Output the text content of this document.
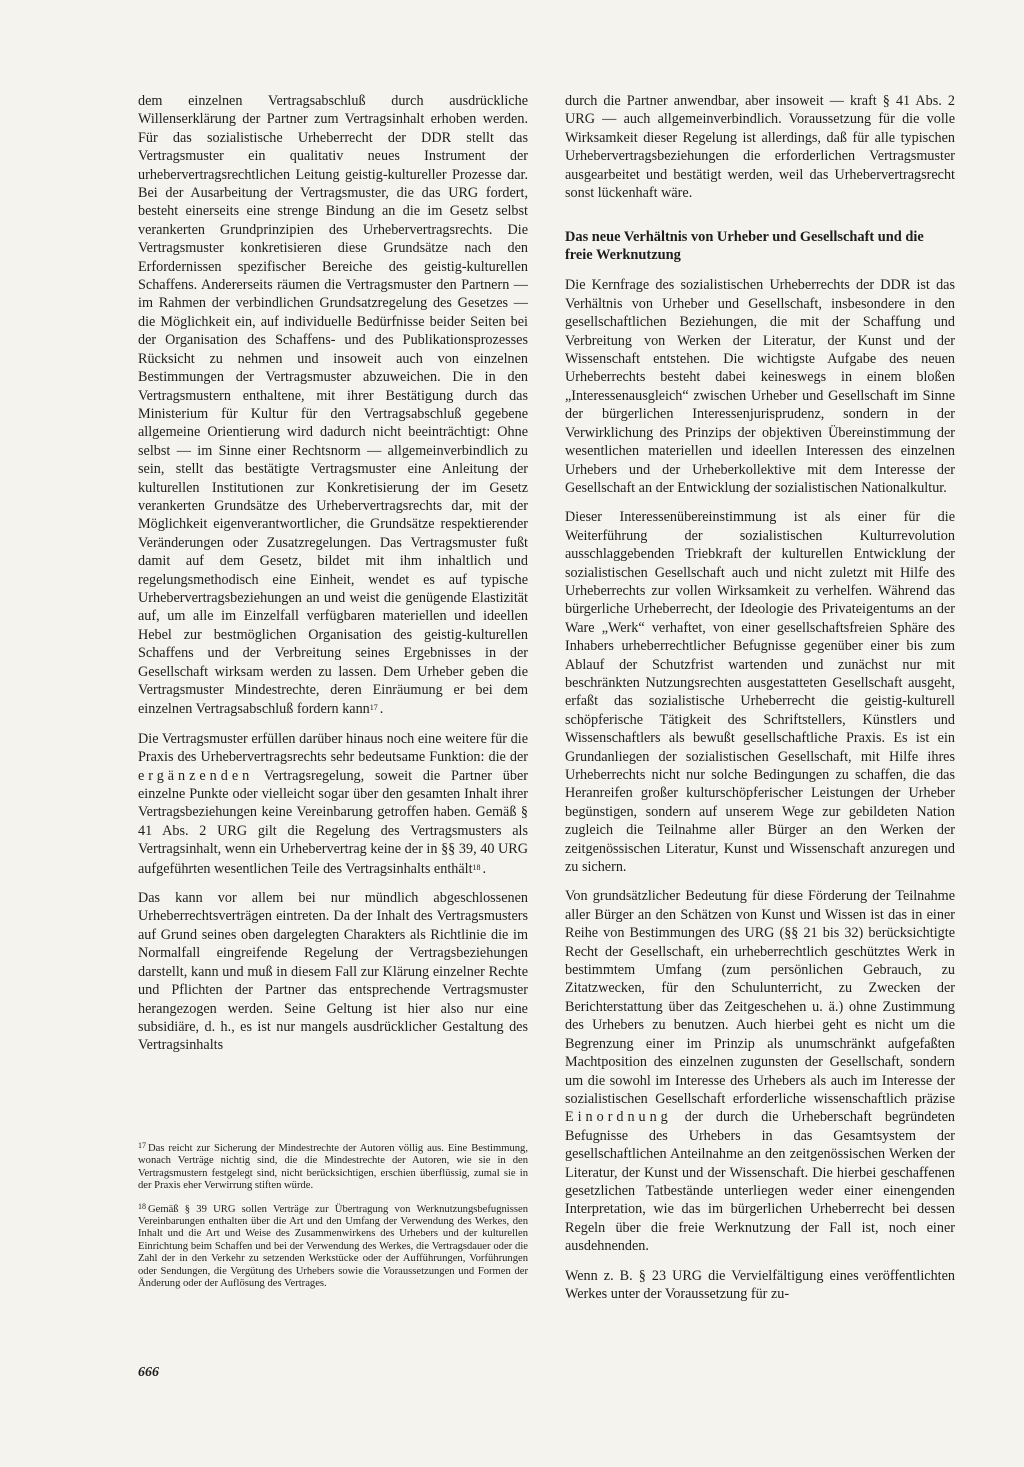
dem einzelnen Vertragsabschluß durch ausdrückliche Willenserklärung der Partner zum Vertragsinhalt erhoben werden. Für das sozialistische Urheberrecht der DDR stellt das Vertragsmuster ein qualitativ neues Instrument der urhebervertragsrechtlichen Leitung geistig-kultureller Prozesse dar. Bei der Ausarbeitung der Vertragsmuster, die das URG fordert, besteht einerseits eine strenge Bindung an die im Gesetz selbst verankerten Grundprinzipien des Urhebervertragsrechts. Die Vertragsmuster konkretisieren diese Grundsätze nach den Erfordernissen spezifischer Bereiche des geistig-kulturellen Schaffens. Andererseits räumen die Vertragsmuster den Partnern — im Rahmen der verbindlichen Grundsatzregelung des Gesetzes — die Möglichkeit ein, auf individuelle Bedürfnisse beider Seiten bei der Organisation des Schaffens- und des Publikationsprozesses Rücksicht zu nehmen und insoweit auch von einzelnen Bestimmungen der Vertragsmuster abzuweichen. Die in den Vertragsmustern enthaltene, mit ihrer Bestätigung durch das Ministerium für Kultur für den Vertragsabschluß gegebene allgemeine Orientierung wird dadurch nicht beeinträchtigt: Ohne selbst — im Sinne einer Rechtsnorm — allgemeinverbindlich zu sein, stellt das bestätigte Vertragsmuster eine Anleitung der kulturellen Institutionen zur Konkretisierung der im Gesetz verankerten Grundsätze des Urhebervertragsrechts dar, mit der Möglichkeit eigenverantwortlicher, die Grundsätze respektierender Veränderungen oder Zusatzregelungen. Das Vertragsmuster fußt damit auf dem Gesetz, bildet mit ihm inhaltlich und regelungsmethodisch eine Einheit, wendet es auf typische Urhebervertragsbeziehungen an und weist die genügende Elastizität auf, um alle im Einzelfall verfügbaren materiellen und ideellen Hebel zur bestmöglichen Organisation des geistig-kulturellen Schaffens und der Verbreitung seines Ergebnisses in der Gesellschaft wirksam werden zu lassen. Dem Urheber geben die Vertragsmuster Mindestrechte, deren Einräumung er bei dem einzelnen Vertragsabschluß fordern kann$^{17}$ .

Die Vertragsmuster erfüllen darüber hinaus noch eine weitere für die Praxis des Urhebervertragsrechts sehr bedeutsame Funktion: die der ergänzenden Vertragsregelung, soweit die Partner über einzelne Punkte oder vielleicht sogar über den gesamten Inhalt ihrer Vertragsbeziehungen keine Vereinbarung getroffen haben. Gemäß § 41 Abs. 2 URG gilt die Regelung des Vertragsmusters als Vertragsinhalt, wenn ein Urhebervertrag keine der in §§ 39, 40 URG aufgeführten wesentlichen Teile des Vertragsinhalts enthält$^{18}$ .

Das kann vor allem bei nur mündlich abgeschlossenen Urheberrechtsverträgen eintreten. Da der Inhalt des Vertragsmusters auf Grund seines oben dargelegten Charakters als Richtlinie die im Normalfall eingreifende Regelung der Vertragsbeziehungen darstellt, kann und muß in diesem Fall zur Klärung einzelner Rechte und Pflichten der Partner das entsprechende Vertragsmuster herangezogen werden. Seine Geltung ist hier also nur eine subsidiäre, d. h., es ist nur mangels ausdrücklicher Gestaltung des Vertragsinhalts

durch die Partner anwendbar, aber insoweit — kraft § 41 Abs. 2 URG — auch allgemeinverbindlich. Voraussetzung für die volle Wirksamkeit dieser Regelung ist allerdings, daß für alle typischen Urhebervertragsbeziehungen die erforderlichen Vertragsmuster ausgearbeitet und bestätigt werden, weil das Urhebervertragsrecht sonst lückenhaft wäre.

Das neue Verhältnis von Urheber und Gesellschaft und die freie Werknutzung

Die Kernfrage des sozialistischen Urheberrechts der DDR ist das Verhältnis von Urheber und Gesellschaft, insbesondere in den gesellschaftlichen Beziehungen, die mit der Schaffung und Verbreitung von Werken der Literatur, der Kunst und der Wissenschaft entstehen. Die wichtigste Aufgabe des neuen Urheberrechts besteht dabei keineswegs in einem bloßen „Interessenausgleich“ zwischen Urheber und Gesellschaft im Sinne der bürgerlichen Interessenjurisprudenz, sondern in der Verwirklichung des Prinzips der objektiven Übereinstimmung der wesentlichen materiellen und ideellen Interessen des einzelnen Urhebers und der Urheberkollektive mit dem Interesse der Gesellschaft an der Entwicklung der sozialistischen Nationalkultur.

Dieser Interessenübereinstimmung ist als einer für die Weiterführung der sozialistischen Kulturrevolution ausschlaggebenden Triebkraft der kulturellen Entwicklung der sozialistischen Gesellschaft auch und nicht zuletzt mit Hilfe des Urheberrechts zur vollen Wirksamkeit zu verhelfen. Während das bürgerliche Urheberrecht, der Ideologie des Privateigentums an der Ware „Werk“ verhaftet, von einer gesellschaftsfreien Sphäre des Inhabers urheberrechtlicher Befugnisse gegenüber einer bis zum Ablauf der Schutzfrist wartenden und zunächst nur mit beschränkten Nutzungsrechten ausgestatteten Gesellschaft ausgeht, erfaßt das sozialistische Urheberrecht die geistig-kulturell schöpferische Tätigkeit des Schriftstellers, Künstlers und Wissenschaftlers als bewußt gesellschaftliche Praxis. Es ist ein Grundanliegen der sozialistischen Gesellschaft, mit Hilfe ihres Urheberrechts nicht nur solche Bedingungen zu schaffen, die das Heranreifen großer kulturschöpferischer Leistungen der Urheber begünstigen, sondern auf unserem Wege zur gebildeten Nation zugleich die Teilnahme aller Bürger an den Werken der zeitgenössischen Literatur, Kunst und Wissenschaft anzuregen und zu sichern.

Von grundsätzlicher Bedeutung für diese Förderung der Teilnahme aller Bürger an den Schätzen von Kunst und Wissen ist das in einer Reihe von Bestimmungen des URG (§§ 21 bis 32) berücksichtigte Recht der Gesellschaft, ein urheberrechtlich geschütztes Werk in bestimmtem Umfang (zum persönlichen Gebrauch, zu Zitatzwecken, für den Schulunterricht, zu Zwecken der Berichterstattung über das Zeitgeschehen u. ä.) ohne Zustimmung des Urhebers zu benutzen. Auch hierbei geht es nicht um die Begrenzung einer im Prinzip als unumschränkt aufgefaßten Machtposition des einzelnen zugunsten der Gesellschaft, sondern um die sowohl im Interesse des Urhebers als auch im Interesse der sozialistischen Gesellschaft erforderliche wissenschaftlich präzise Einordnung der durch die Urheberschaft begründeten Befugnisse des Urhebers in das Gesamtsystem der gesellschaftlichen Anteilnahme an den zeitgenössischen Werken der Literatur, der Kunst und der Wissenschaft. Die hierbei geschaffenen gesetzlichen Tatbestände unterliegen weder einer einengenden Interpretation, wie das im bürgerlichen Urheberrecht bei dessen Regeln über die freie Werknutzung der Fall ist, noch einer ausdehnenden.

Wenn z. B. § 23 URG die Vervielfältigung eines veröffentlichten Werkes unter der Voraussetzung für zu-

$^{17}$ Das reicht zur Sicherung der Mindestrechte der Autoren völlig aus. Eine Bestimmung, wonach Verträge nichtig sind, die die Mindestrechte der Autoren, wie sie in den Vertragsmustern festgelegt sind, nicht berücksichtigen, erschien überflüssig, zumal sie in der Praxis eher Verwirrung stiften würde.

$^{18}$ Gemäß § 39 URG sollen Verträge zur Übertragung von Werknutzungsbefugnissen Vereinbarungen enthalten über die Art und den Umfang der Verwendung des Werkes, den Inhalt und die Art und Weise des Zusammenwirkens des Urhebers und der kulturellen Einrichtung beim Schaffen und bei der Verwendung des Werkes, die Vertragsdauer oder die Zahl der in den Verkehr zu setzenden Werkstücke oder der Aufführungen, Vorführungen oder Sendungen, die Vergütung des Urhebers sowie die Voraussetzungen und Formen der Änderung oder der Auflösung des Vertrages.

666
